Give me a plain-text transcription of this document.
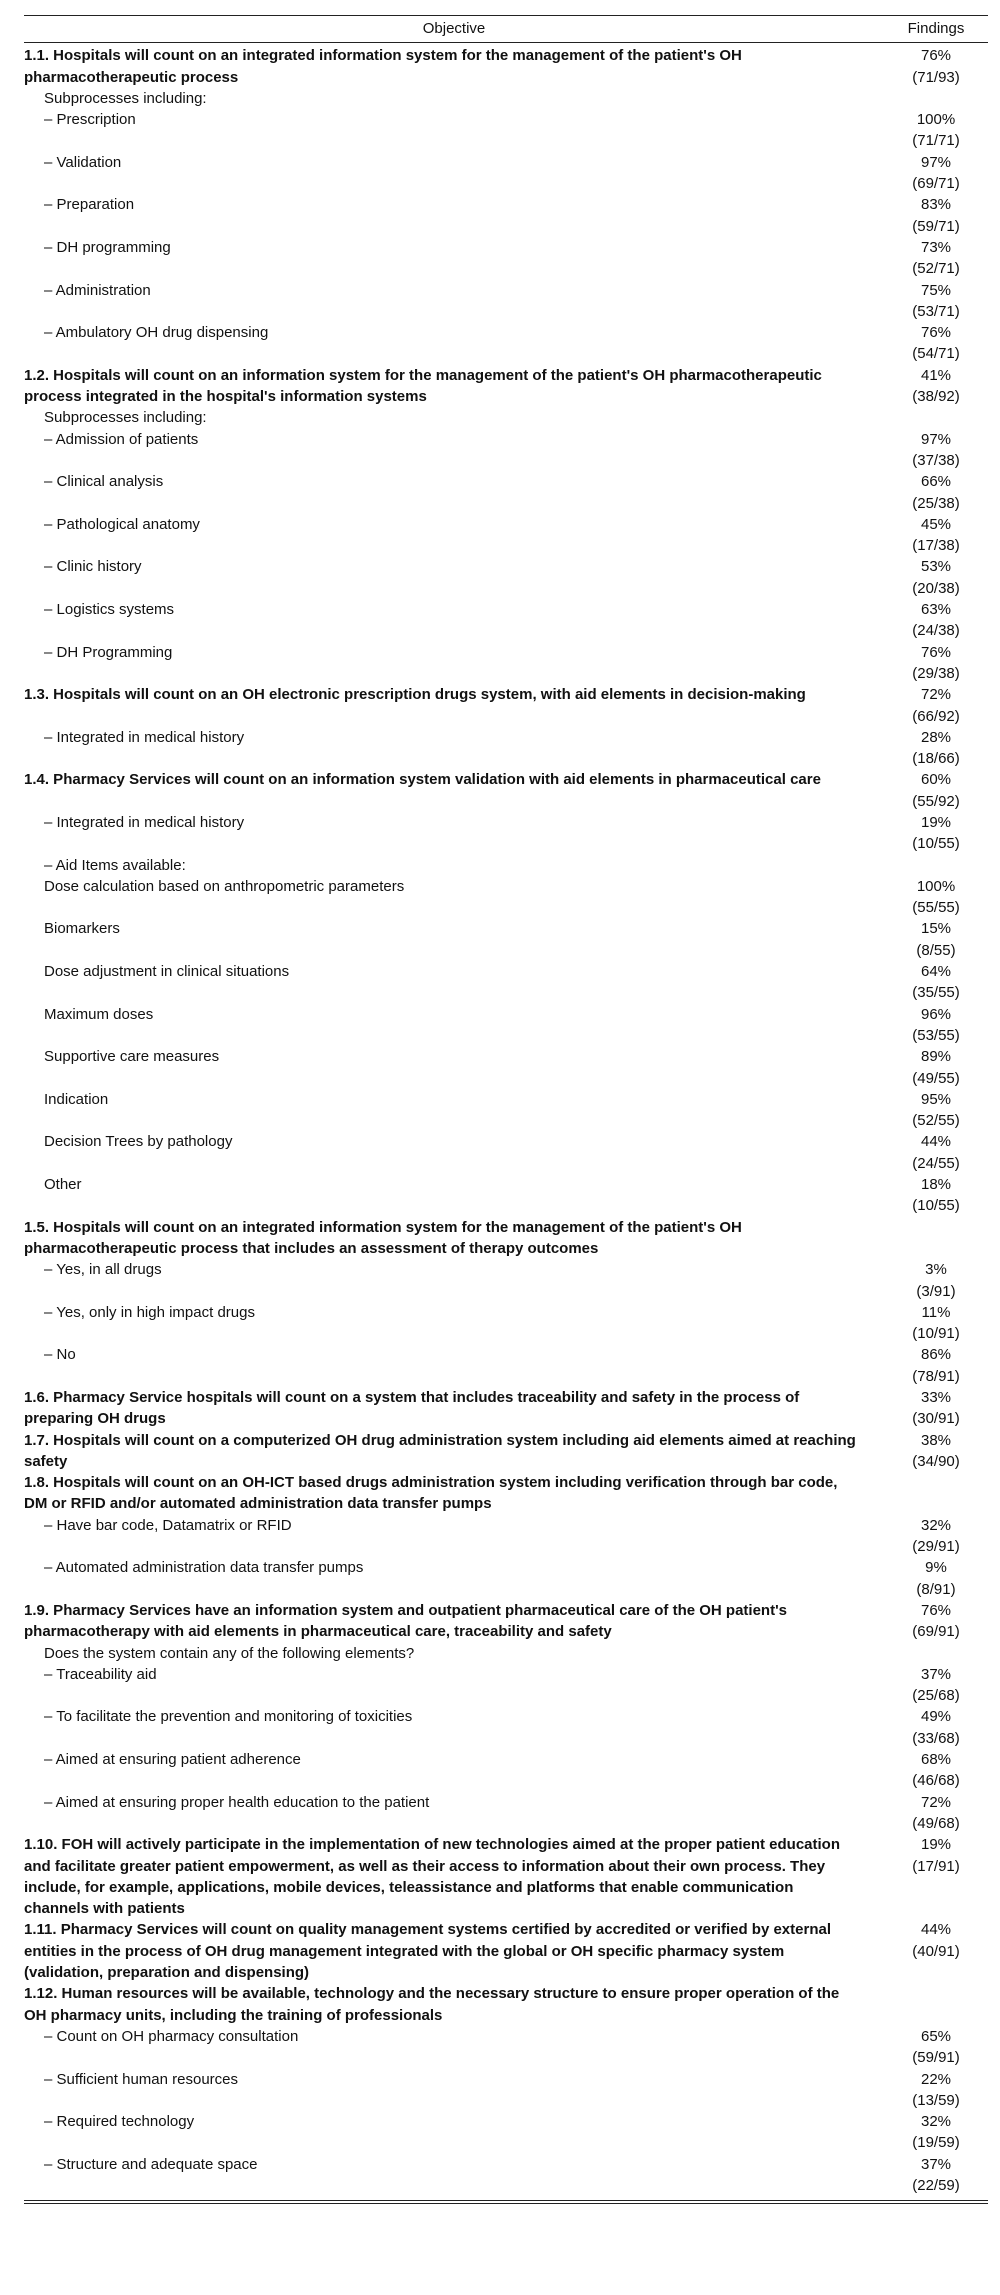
Objective	Findings
1.1. Hospitals will count on an integrated information system for the management of the patient's OH pharmacotherapeutic process	76%
(71/93)

Subprocesses including:	

– Prescription	100%
(71/71)

– Validation	97%
(69/71)

– Preparation	83%
(59/71)

– DH programming	73%
(52/71)

– Administration	75%
(53/71)

– Ambulatory OH drug dispensing	76%
(54/71)

1.2. Hospitals will count on an information system for the management of the patient's OH pharmacotherapeutic process integrated in the hospital's information systems	41%
(38/92)

Subprocesses including:	

– Admission of patients	97%
(37/38)

– Clinical analysis	66%
(25/38)

– Pathological anatomy	45%
(17/38)

– Clinic history	53%
(20/38)

– Logistics systems	63%
(24/38)

– DH Programming	76%
(29/38)

1.3. Hospitals will count on an OH electronic prescription drugs system, with aid elements in decision-making	72%
(66/92)

– Integrated in medical history	28%
(18/66)

1.4. Pharmacy Services will count on an information system validation with aid elements in pharmaceutical care	60%
(55/92)

– Integrated in medical history	19%
(10/55)

– Aid Items available:	

Dose calculation based on anthropometric parameters	100%
(55/55)

Biomarkers	15%
(8/55)

Dose adjustment in clinical situations	64%
(35/55)

Maximum doses	96%
(53/55)

Supportive care measures	89%
(49/55)

Indication	95%
(52/55)

Decision Trees by pathology	44%
(24/55)

Other	18%
(10/55)

1.5. Hospitals will count on an integrated information system for the management of the patient's OH pharmacotherapeutic process that includes an assessment of therapy outcomes	

– Yes, in all drugs	3%
(3/91)

– Yes, only in high impact drugs	11%
(10/91)

– No	86%
(78/91)

1.6. Pharmacy Service hospitals will count on a system that includes traceability and safety in the process of preparing OH drugs	33%
(30/91)

1.7. Hospitals will count on a computerized OH drug administration system including aid elements aimed at reaching safety	38%
(34/90)

1.8. Hospitals will count on an OH-ICT based drugs administration system including verification through bar code, DM or RFID and/or automated administration data transfer pumps	

– Have bar code, Datamatrix or RFID	32%
(29/91)

– Automated administration data transfer pumps	9%
(8/91)

1.9. Pharmacy Services have an information system and outpatient pharmaceutical care of the OH patient's pharmacotherapy with aid elements in pharmaceutical care, traceability and safety	76%
(69/91)

Does the system contain any of the following elements?	

– Traceability aid	37%
(25/68)

– To facilitate the prevention and monitoring of toxicities	49%
(33/68)

– Aimed at ensuring patient adherence	68%
(46/68)

– Aimed at ensuring proper health education to the patient	72%
(49/68)

1.10. FOH will actively participate in the implementation of new technologies aimed at the proper patient education and facilitate greater patient empowerment, as well as their access to information about their own process. They include, for example, applications, mobile devices, teleassistance and platforms that enable communication channels with patients	19%
(17/91)

1.11. Pharmacy Services will count on quality management systems certified by accredited or verified by external entities in the process of OH drug management integrated with the global or OH specific pharmacy system (validation, preparation and dispensing)	44%
(40/91)

1.12. Human resources will be available, technology and the necessary structure to ensure proper operation of the OH pharmacy units, including the training of professionals	

– Count on OH pharmacy consultation	65%
(59/91)

– Sufficient human resources	22%
(13/59)

– Required technology	32%
(19/59)

– Structure and adequate space	37%
(22/59)
